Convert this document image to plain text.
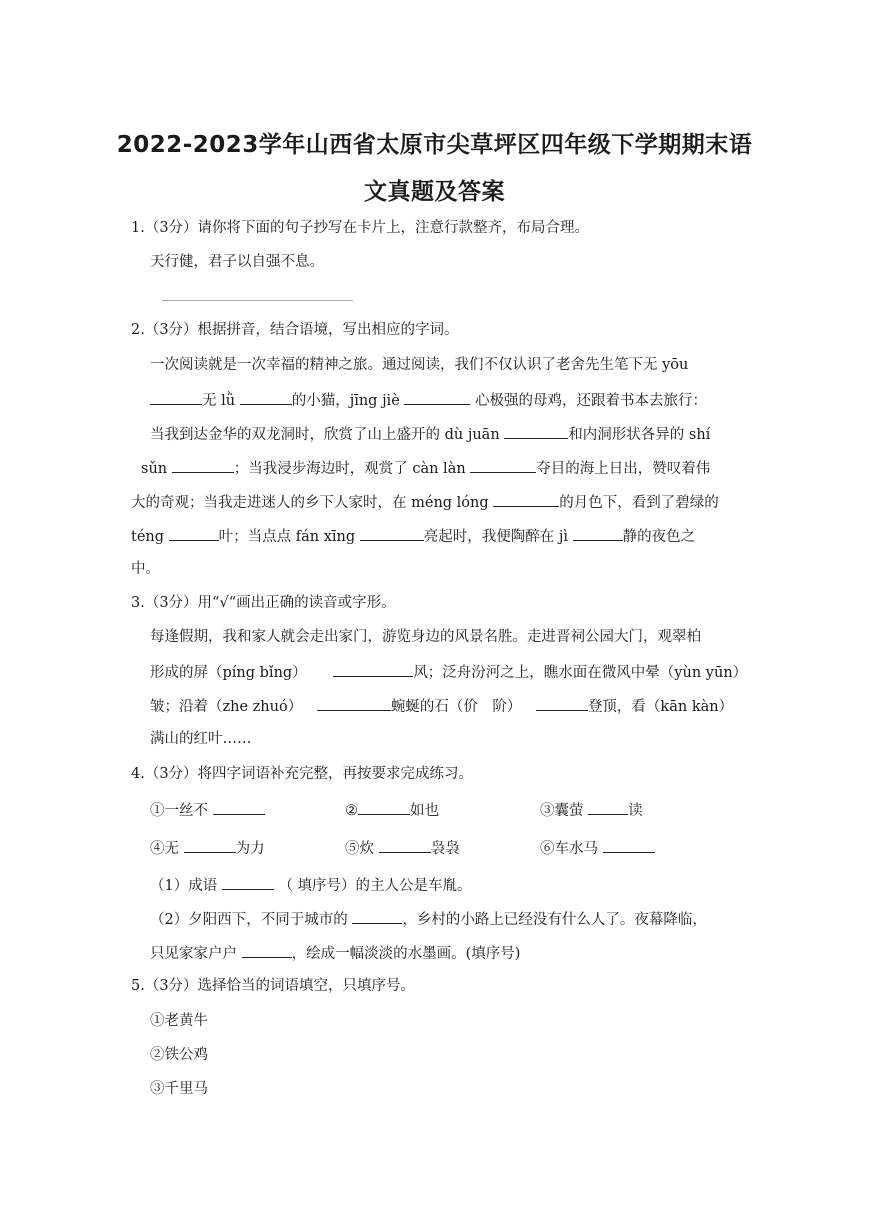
2022-2023学年山西省太原市尖草坪区四年级下学期期末语
文真题及答案
1.（3分）请你将下面的句子抄写在卡片上，注意行款整齐，布局合理。
天行健，君子以自强不息。
2.（3分）根据拼音，结合语境，写出相应的字词。
一次阅读就是一次幸福的精神之旅。通过阅读，我们不仅认识了老舍先生笔下无 yōu
无 lǜ	的小猫，jīng jiè	心极强的母鸡，还跟着书本去旅行：
当我到达金华的双龙洞时，欣赏了山上盛开的 dù juān	和内洞形状各异的 shí
sǔn	；当我浸步海边时，观赏了 càn làn	夺目的海上日出，赞叹着伟
大的奇观；当我走进迷人的乡下人家时，在 méng lóng	的月色下，看到了碧绿的
téng	叶；当点点 fán xīng	亮起时，我便陶醉在 jì	静的夜色之
中。
3.（3分）用“√“画出正确的读音或字形。
每逢假期，我和家人就会走出家门，游览身边的风景名胜。走进晋祠公园大门，观翠柏
形成的屏（píng bǐng）	风；泛舟汾河之上，瞧水面在微风中晕（yùn yūn）
皱；沿着（zhe zhuó）	蜿蜒的石（价　阶）	登顶，看（kān kàn）
满山的红叶……
4.（3分）将四字词语补充完整，再按要求完成练习。
①一丝不	②	如也	③囊萤	读
④无	为力	⑤炊	袅袅	⑥车水马
（1）成语	（ 填序号）的主人公是车胤。
（2）夕阳西下，不同于城市的	，乡村的小路上已经没有什么人了。夜幕降临，
只见家家户户	，绘成一幅淡淡的水墨画。(填序号)
5.（3分）选择恰当的词语填空，只填序号。
①老黄牛
②铁公鸡
③千里马
